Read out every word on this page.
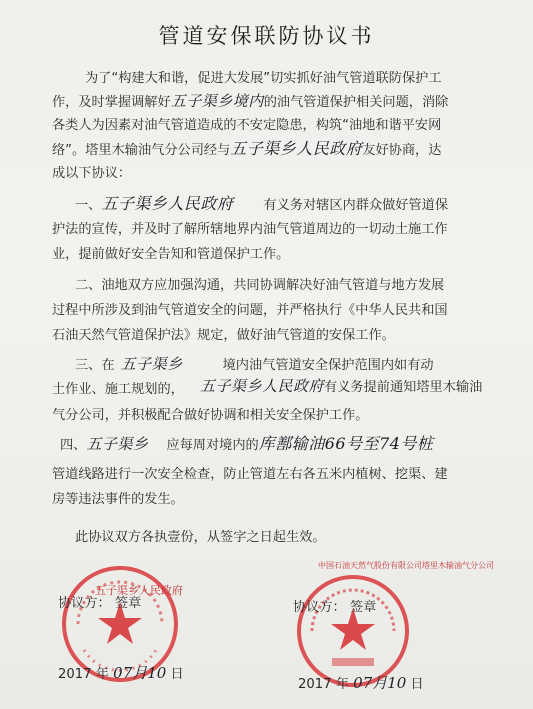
管道安保联防协议书
为了“构建大和谐，促进大发展”切实抓好油气管道联防保护工
作，及时掌握调解好五子渠乡境内的油气管道保护相关问题，消除
各类人为因素对油气管道造成的不安定隐患，构筑“油地和谐平安网
络”。塔里木输油气分公司经与五子渠乡人民政府友好协商，达
成以下协议：
一、五子渠乡人民政府 有义务对辖区内群众做好管道保
护法的宣传，并及时了解所辖地界内油气管道周边的一切动土施工作
业，提前做好安全告知和管道保护工作。
二、油地双方应加强沟通，共同协调解决好油气管道与地方发展
过程中所涉及到油气管道安全的问题，并严格执行《中华人民共和国
石油天然气管道保护法》规定，做好油气管道的安保工作。
三、在 五子渠乡	境内油气管道安全保护范围内如有动
土作业、施工规划的， 五子渠乡人民政府有义务提前通知塔里木输油
气分公司，并积极配合做好协调和相关安全保护工作。
四、五子渠乡 应每周对境内的库鄯输油66号至74号桩
管道线路进行一次安全检查，防止管道左右各五米内植树、挖渠、建
房等违法事件的发生。
此协议双方各执壹份，从签字之日起生效。
五子渠乡人民政府
中国石油天然气股份有限公司塔里木输油气分公司
协议方： 签章	协议方： 签章
2017 年 07月10 日
2017 年 07月10 日
